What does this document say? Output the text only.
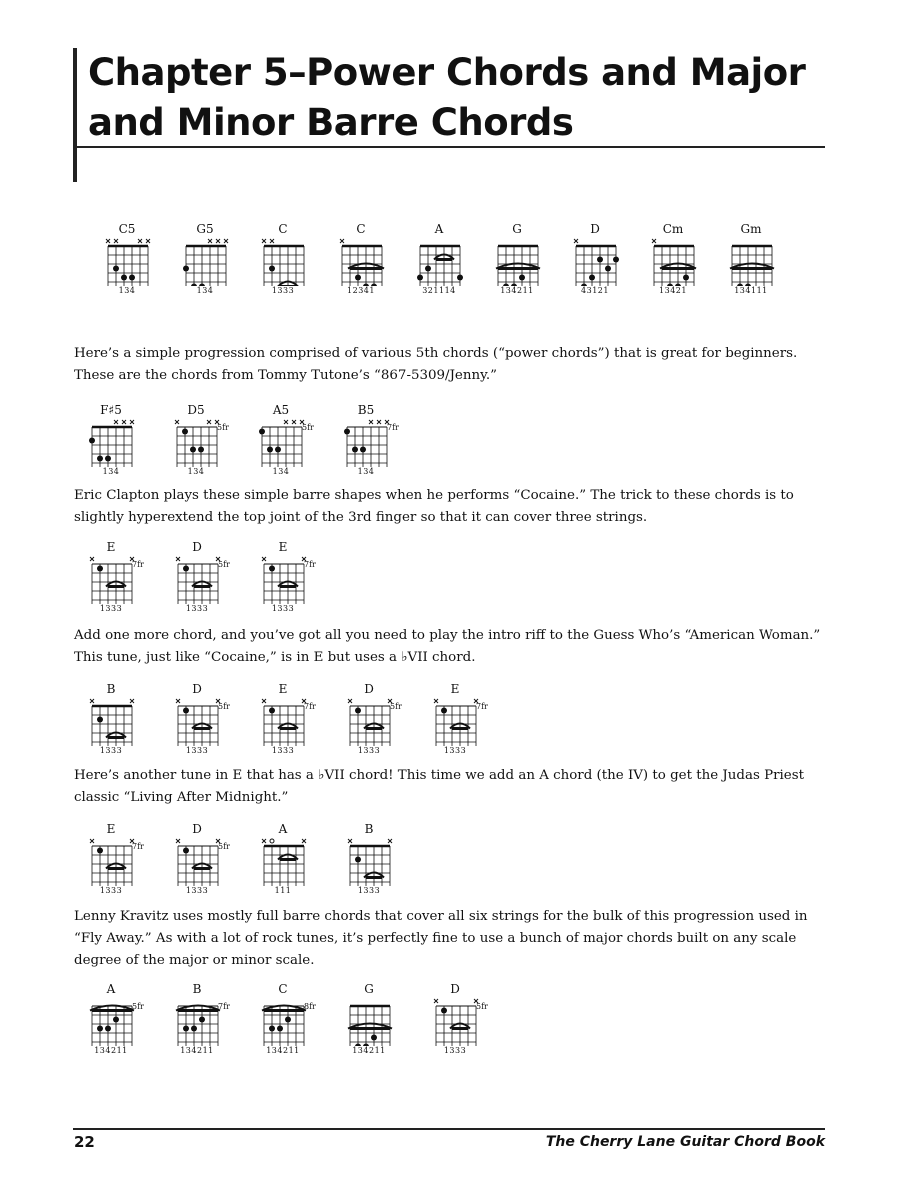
Chapter 5–Power Chords and Major and Minor Barre Chords
C5
134
G5
134
C
1333
C
12341
A
321114
G
134211
D
43121
Cm
13421
Gm
134111

Here’s a simple progression comprised of various 5th chords (“power chords”) that is great for beginners. These are the chords from Tommy Tutone’s “867-5309/Jenny.”

F♯5
134
D5
5fr
134
A5
5fr
134
B5
7fr
134

Eric Clapton plays these simple barre shapes when he performs “Cocaine.” The trick to these chords is to slightly hyperextend the top joint of the 3rd finger so that it can cover three strings.

E
7fr
1333
D
5fr
1333
E
7fr
1333

Add one more chord, and you’ve got all you need to play the intro riff to the Guess Who’s “American Woman.” This tune, just like “Cocaine,” is in E but uses a ♭VII chord.

B
1333
D
5fr
1333
E
7fr
1333
D
5fr
1333
E
7fr
1333

Here’s another tune in E that has a ♭VII chord! This time we add an A chord (the IV) to get the Judas Priest classic “Living After Midnight.”

E
7fr
1333
D
5fr
1333
A
111
B
1333

Lenny Kravitz uses mostly full barre chords that cover all six strings for the bulk of this progression used in “Fly Away.” As with a lot of rock tunes, it’s perfectly fine to use a bunch of major chords built on any scale degree of the major or minor scale.

A
5fr
134211
B
7fr
134211
C
8fr
134211
G
134211
D
5fr
1333
22	The Cherry Lane Guitar Chord Book
